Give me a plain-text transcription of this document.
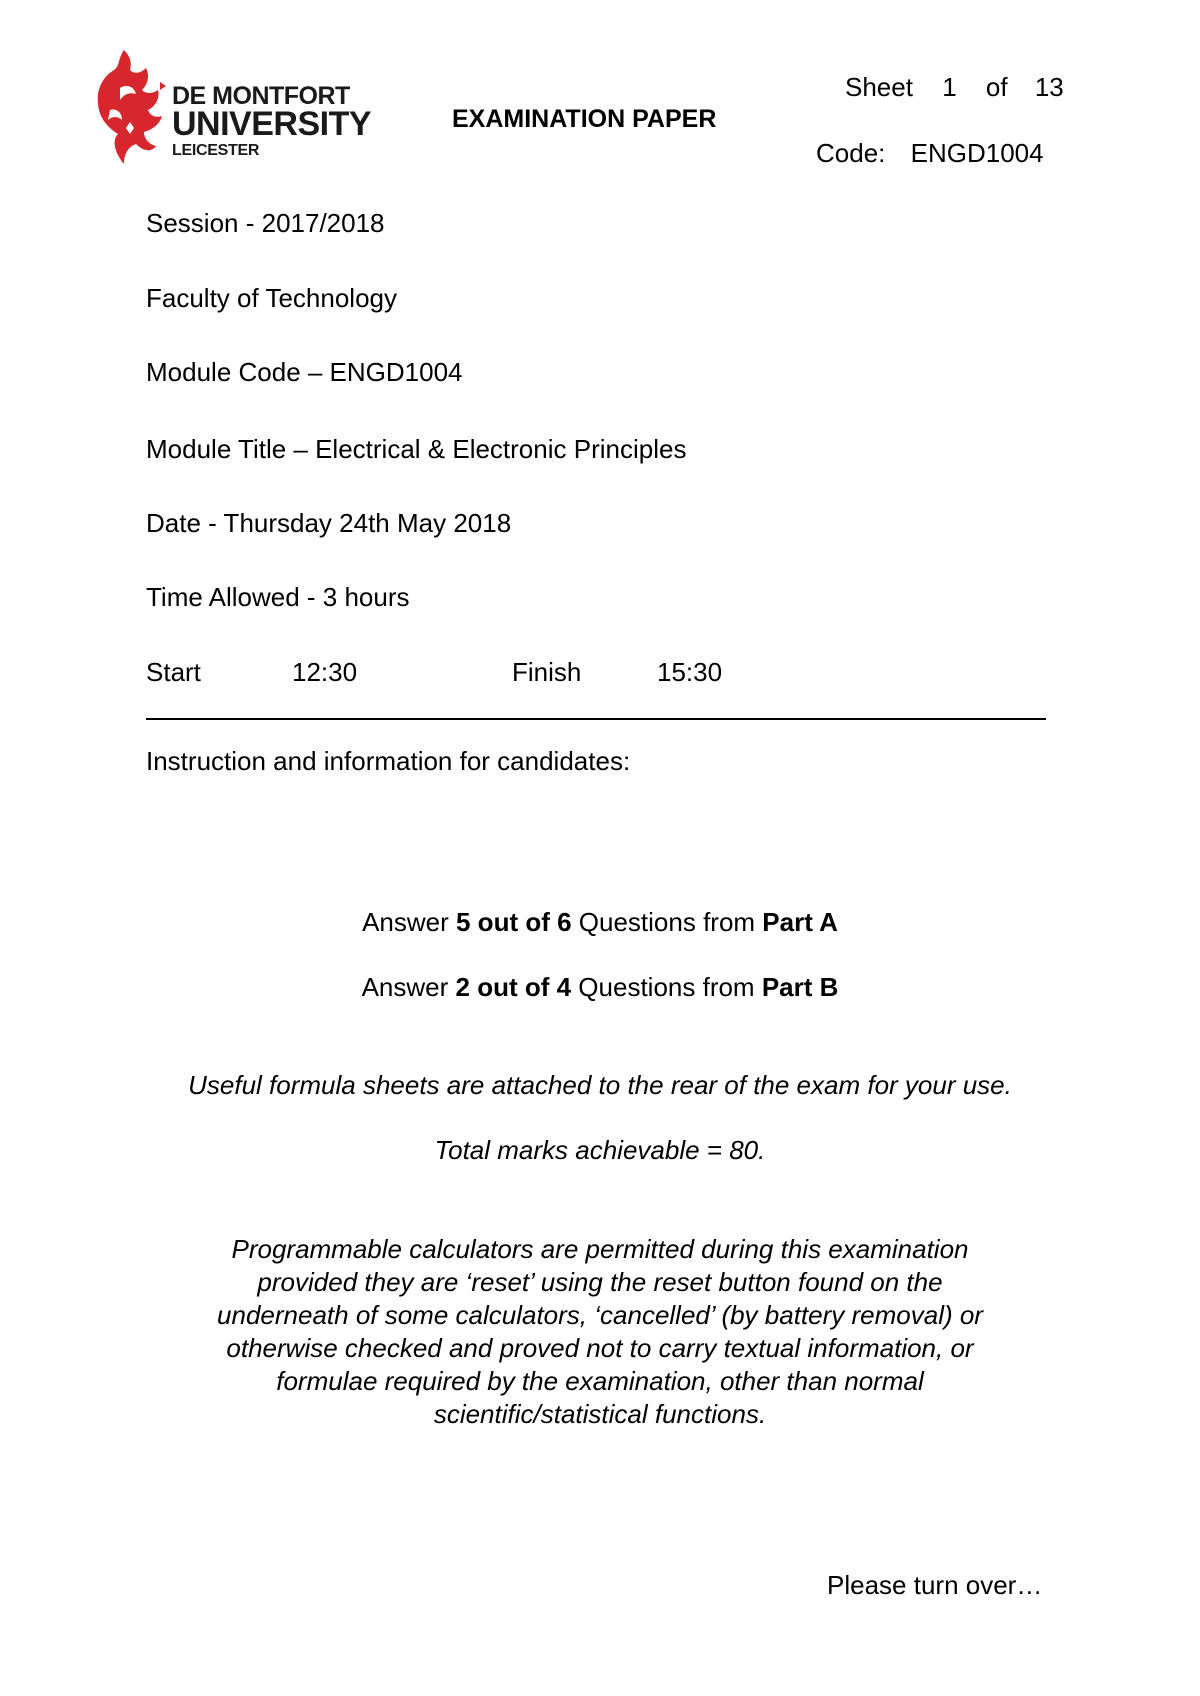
DE MONTFORT
UNIVERSITY
LEICESTER
EXAMINATION PAPER
Sheet 1 of 13
Code: ENGD1004
Session - 2017/2018
Faculty of Technology
Module Code – ENGD1004
Module Title – Electrical & Electronic Principles
Date - Thursday 24th May 2018
Time Allowed - 3 hours
Start	12:30	Finish	15:30
Instruction and information for candidates:
Answer 5 out of 6 Questions from Part A
Answer 2 out of 4 Questions from Part B
Useful formula sheets are attached to the rear of the exam for your use.
Total marks achievable = 80.
Programmable calculators are permitted during this examination
provided they are ‘reset’ using the reset button found on the
underneath of some calculators, ‘cancelled’ (by battery removal) or
otherwise checked and proved not to carry textual information, or
formulae required by the examination, other than normal
scientific/statistical functions.
Please turn over…
